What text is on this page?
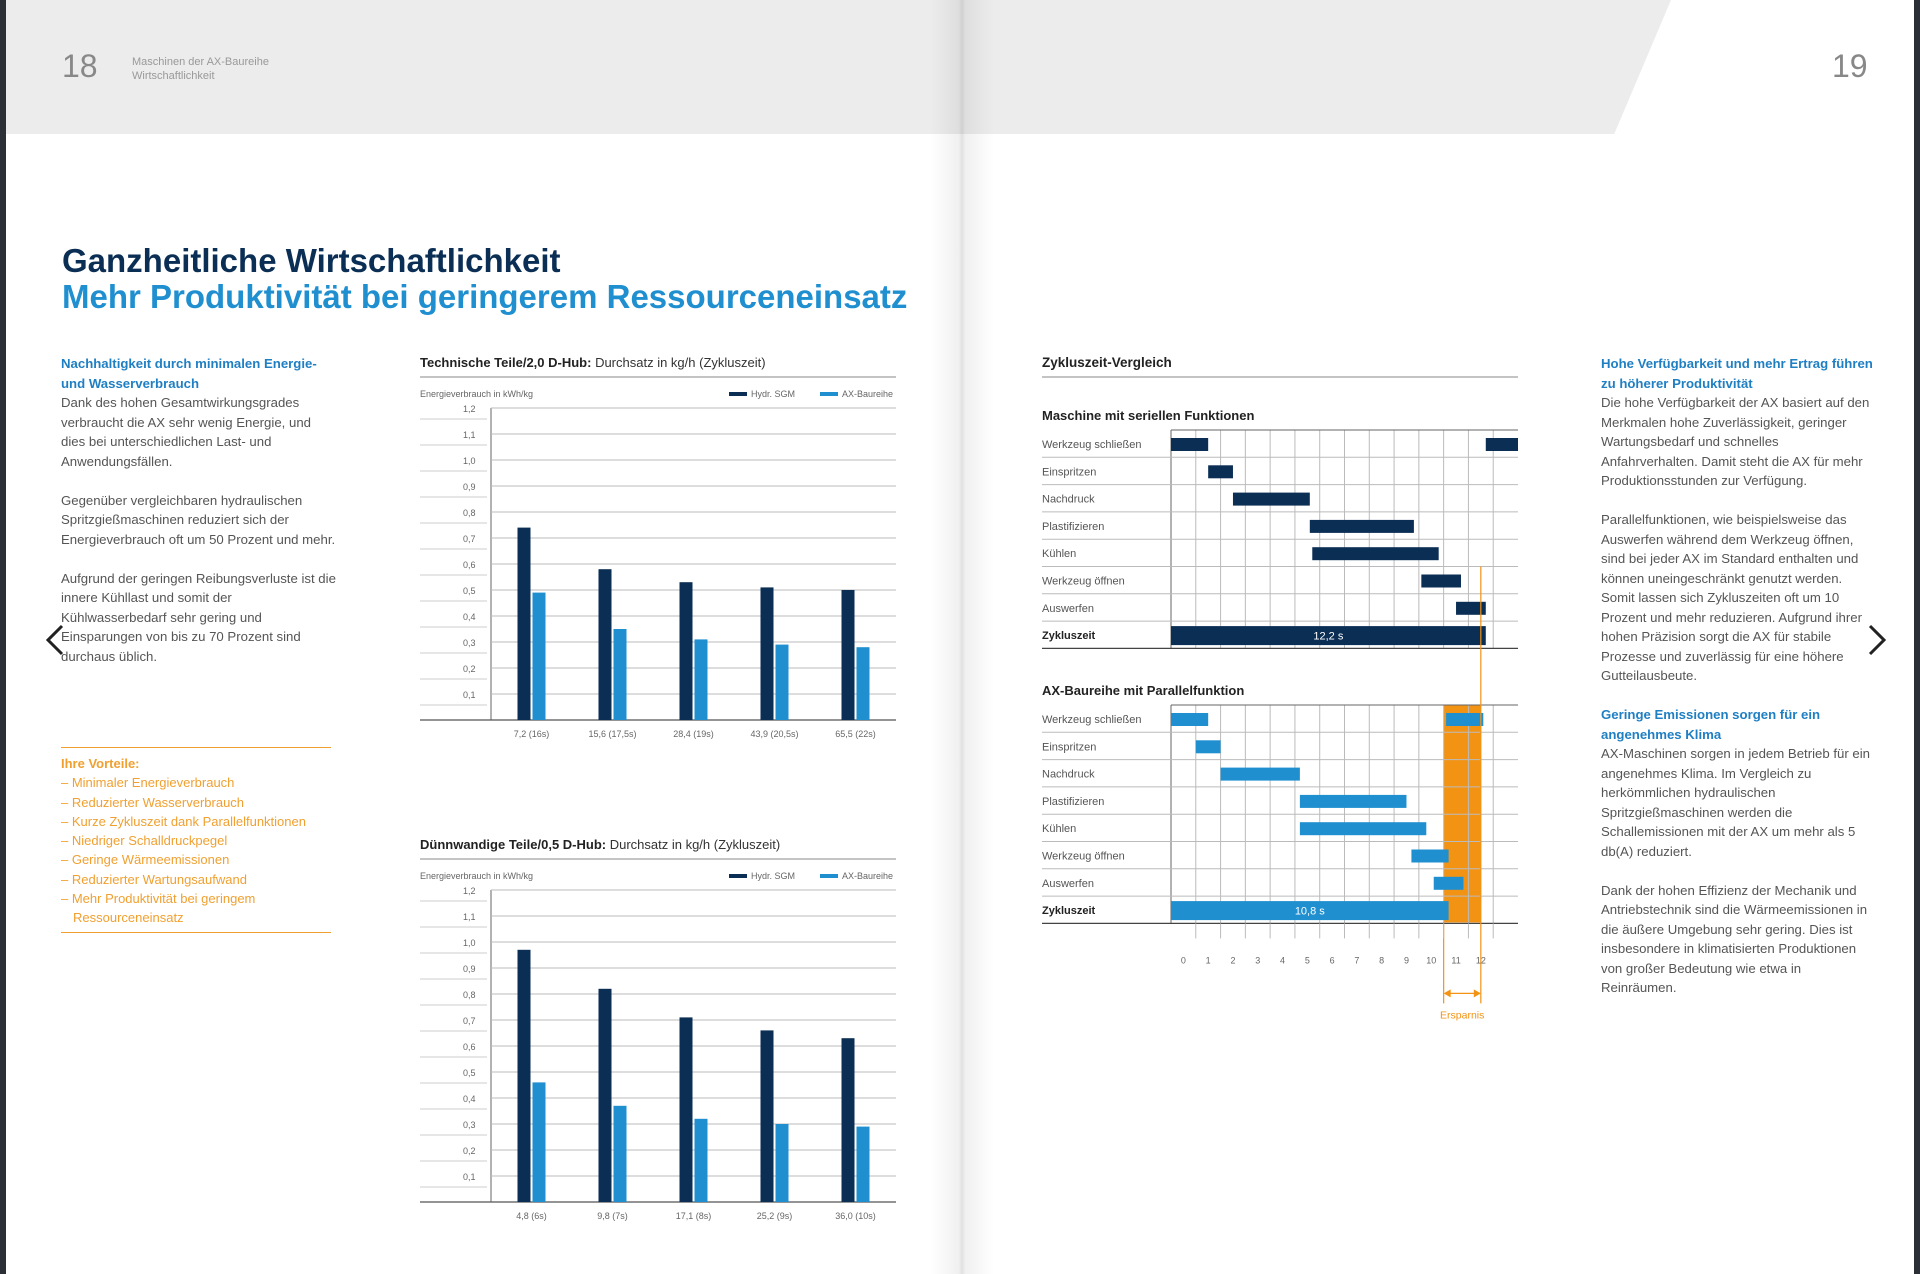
18	19
Maschinen der AX-Baureihe
Wirtschaftlichkeit
Ganzheitliche Wirtschaftlichkeit
Mehr Produktivität bei geringerem Ressourceneinsatz
Nachhaltigkeit durch minimalen Energie- und Wasserverbrauch

Dank des hohen Gesamtwirkungsgrades verbraucht die AX sehr wenig Energie, und dies bei unterschiedlichen Last- und Anwendungsfällen.

Gegenüber vergleichbaren hydraulischen Spritzgießmaschinen reduziert sich der Energieverbrauch oft um 50 Prozent und mehr.

Aufgrund der geringen Reibungsverluste ist die innere Kühllast und somit der Kühlwasserbedarf sehr gering und Einsparungen von bis zu 70 Prozent sind durchaus üblich.

Ihre Vorteile:
– Minimaler Energieverbrauch
– Reduzierter Wasserverbrauch
– Kurze Zykluszeit dank Parallelfunktionen
– Niedriger Schalldruckpegel
– Geringe Wärmeemissionen
– Reduzierter Wartungsaufwand
– Mehr Produktivität bei geringem Ressourceneinsatz
Hohe Verfügbarkeit und mehr Ertrag führen zu höherer Produktivität

Die hohe Verfügbarkeit der AX basiert auf den Merkmalen hohe Zuverlässigkeit, geringer Wartungsbedarf und schnelles Anfahrverhalten. Damit steht die AX für mehr Produktionsstunden zur Verfügung.

Parallelfunktionen, wie beispielsweise das Auswerfen während dem Werkzeug öffnen, sind bei jeder AX im Standard enthalten und können uneingeschränkt genutzt werden. Somit lassen sich Zykluszeiten oft um 10 Prozent und mehr reduzieren. Aufgrund ihrer hohen Präzision sorgt die AX für stabile Prozesse und zuverlässig für eine höhere Gutteilausbeute.

Geringe Emissionen sorgen für ein angenehmes Klima

AX-Maschinen sorgen in jedem Betrieb für ein angenehmes Klima. Im Vergleich zu herkömmlichen hydraulischen Spritzgießmaschinen werden die Schallemissionen mit der AX um mehr als 5 db(A) reduziert.

Dank der hohen Effizienz der Mechanik und Antriebstechnik sind die Wärmeemissionen in die äußere Umgebung sehr gering. Dies ist insbesondere in klimatisierten Produktionen von großer Bedeutung wie etwa in Reinräumen.

Technische Teile/2,0 D-Hub: Durchsatz in kg/h (Zykluszeit)
Energieverbrauch in kWh/kg	Hydr. SGM	AX-Baureihe
0,1
0,2
0,3
0,4
0,5
0,6
0,7
0,8
0,9
1,0
1,1
1,2
7,2 (16s)	15,6 (17,5s)	28,4 (19s)	43,9 (20,5s)	65,5 (22s)
Dünnwandige Teile/0,5 D-Hub: Durchsatz in kg/h (Zykluszeit)
Energieverbrauch in kWh/kg	Hydr. SGM	AX-Baureihe
0,1
0,2
0,3
0,4
0,5
0,6
0,7
0,8
0,9
1,0
1,1
1,2
4,8 (6s)	9,8 (7s)	17,1 (8s)	25,2 (9s)	36,0 (10s)
Zykluszeit-Vergleich
Maschine mit seriellen Funktionen
Werkzeug schließen
Einspritzen
Nachdruck
Plastifizieren
Kühlen
Werkzeug öffnen
Auswerfen
Zykluszeit	12,2 s
AX-Baureihe mit Parallelfunktion
Werkzeug schließen
Einspritzen
Nachdruck
Plastifizieren
Kühlen
Werkzeug öffnen
Auswerfen
Zykluszeit	10,8 s
0 1 2 3 4 5 6 7 8 9 10 11 12
Ersparnis
